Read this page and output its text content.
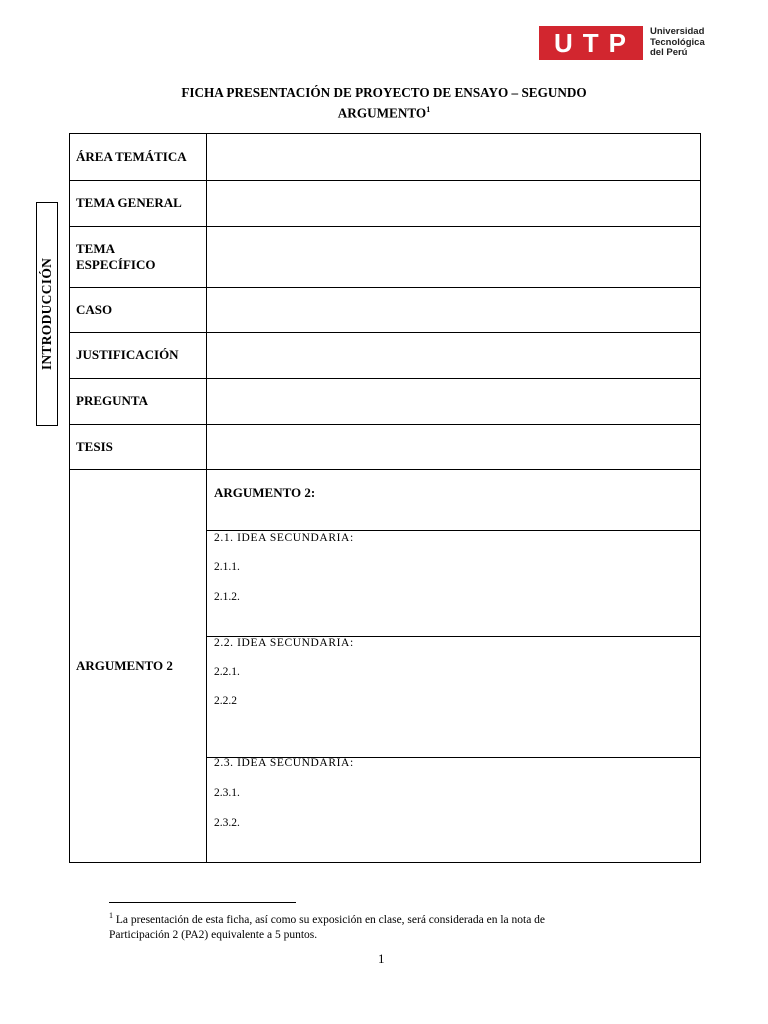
UTP	Universidad
Tecnológica
del Perú
FICHA PRESENTACIÓN DE PROYECTO DE ENSAYO – SEGUNDO
ARGUMENTO$^1$
INTRODUCCIÓN
ÁREA TEMÁTICA
TEMA GENERAL
TEMA
ESPECÍFICO
CASO
JUSTIFICACIÓN
PREGUNTA
TESIS
ARGUMENTO 2
ARGUMENTO 2:
2.1. IDEA SECUNDARIA:
2.1.1.
2.1.2.
2.2. IDEA SECUNDARIA:
2.2.1.
2.2.2
2.3. IDEA SECUNDARIA:
2.3.1.
2.3.2.
$^1$ La presentación de esta ficha, así como su exposición en clase, será considerada en la nota de
Participación 2 (PA2) equivalente a 5 puntos.
1
